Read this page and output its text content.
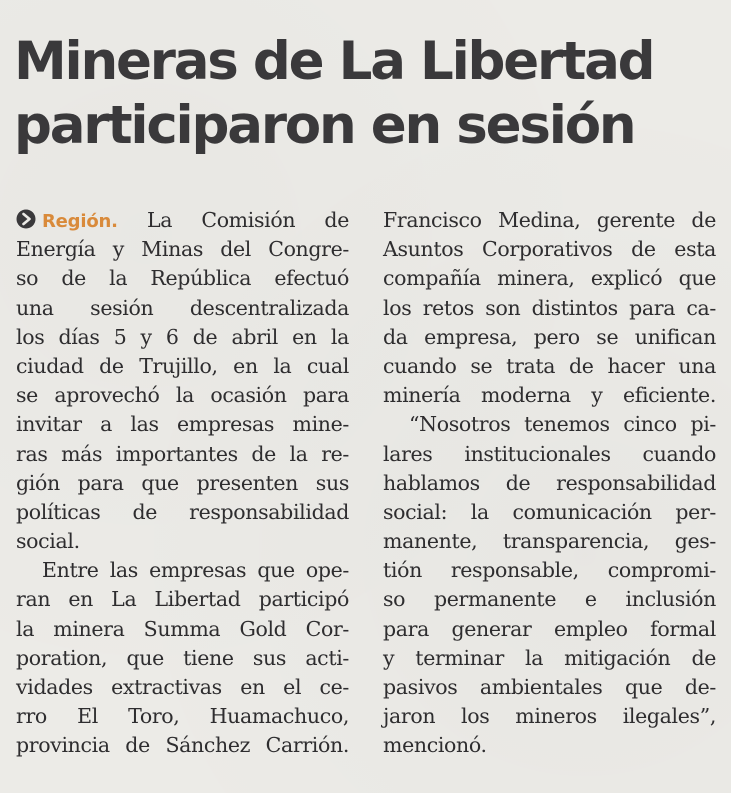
Mineras de La Libertad
participaron en sesión
Región. La Comisión de
Energía y Minas del Congre-
so de la República efectuó
una sesión descentralizada
los días 5 y 6 de abril en la
ciudad de Trujillo, en la cual
se aprovechó la ocasión para
invitar a las empresas mine-
ras más importantes de la re-
gión para que presenten sus
políticas de responsabilidad
social.
Entre las empresas que ope-
ran en La Libertad participó
la minera Summa Gold Cor-
poration, que tiene sus acti-
vidades extractivas en el ce-
rro El Toro, Huamachuco,
provincia de Sánchez Carrión.
Francisco Medina, gerente de
Asuntos Corporativos de esta
compañía minera, explicó que
los retos son distintos para ca-
da empresa, pero se unifican
cuando se trata de hacer una
minería moderna y eficiente.
“Nosotros tenemos cinco pi-
lares institucionales cuando
hablamos de responsabilidad
social: la comunicación per-
manente, transparencia, ges-
tión responsable, compromi-
so permanente e inclusión
para generar empleo formal
y terminar la mitigación de
pasivos ambientales que de-
jaron los mineros ilegales”,
mencionó.
